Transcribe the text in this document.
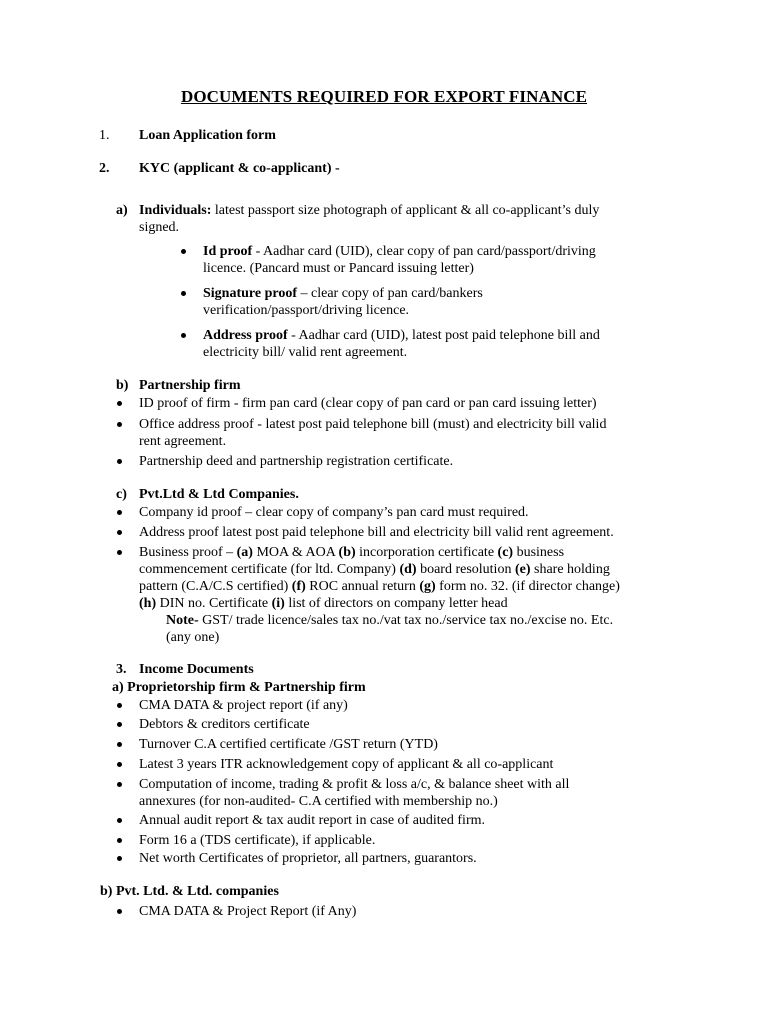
DOCUMENTS REQUIRED FOR EXPORT FINANCE
1. Loan Application form
2. KYC (applicant & co-applicant) -
a) Individuals: latest passport size photograph of applicant & all co-applicant’s duly
signed.
Id proof - Aadhar card (UID), clear copy of pan card/passport/driving
licence. (Pancard must or Pancard issuing letter)
Signature proof – clear copy of pan card/bankers
verification/passport/driving licence.
Address proof - Aadhar card (UID), latest post paid telephone bill and
electricity bill/ valid rent agreement.
b) Partnership firm
ID proof of firm - firm pan card (clear copy of pan card or pan card issuing letter)
Office address proof - latest post paid telephone bill (must) and electricity bill valid
rent agreement.
Partnership deed and partnership registration certificate.
c) Pvt.Ltd & Ltd Companies.
Company id proof – clear copy of company’s pan card must required.
Address proof latest post paid telephone bill and electricity bill valid rent agreement.
Business proof – (a) MOA & AOA (b) incorporation certificate (c) business
commencement certificate (for ltd. Company) (d) board resolution (e) share holding
pattern (C.A/C.S certified) (f) ROC annual return (g) form no. 32. (if director change)
(h) DIN no. Certificate (i) list of directors on company letter head
Note- GST/ trade licence/sales tax no./vat tax no./service tax no./excise no. Etc.
(any one)
3. Income Documents
a) Proprietorship firm & Partnership firm
CMA DATA & project report (if any)
Debtors & creditors certificate
Turnover C.A certified certificate /GST return (YTD)
Latest 3 years ITR acknowledgement copy of applicant & all co-applicant
Computation of income, trading & profit & loss a/c, & balance sheet with all
annexures (for non-audited- C.A certified with membership no.)
Annual audit report & tax audit report in case of audited firm.
Form 16 a (TDS certificate), if applicable.
Net worth Certificates of proprietor, all partners, guarantors.
b) Pvt. Ltd. & Ltd. companies
CMA DATA & Project Report (if Any)
